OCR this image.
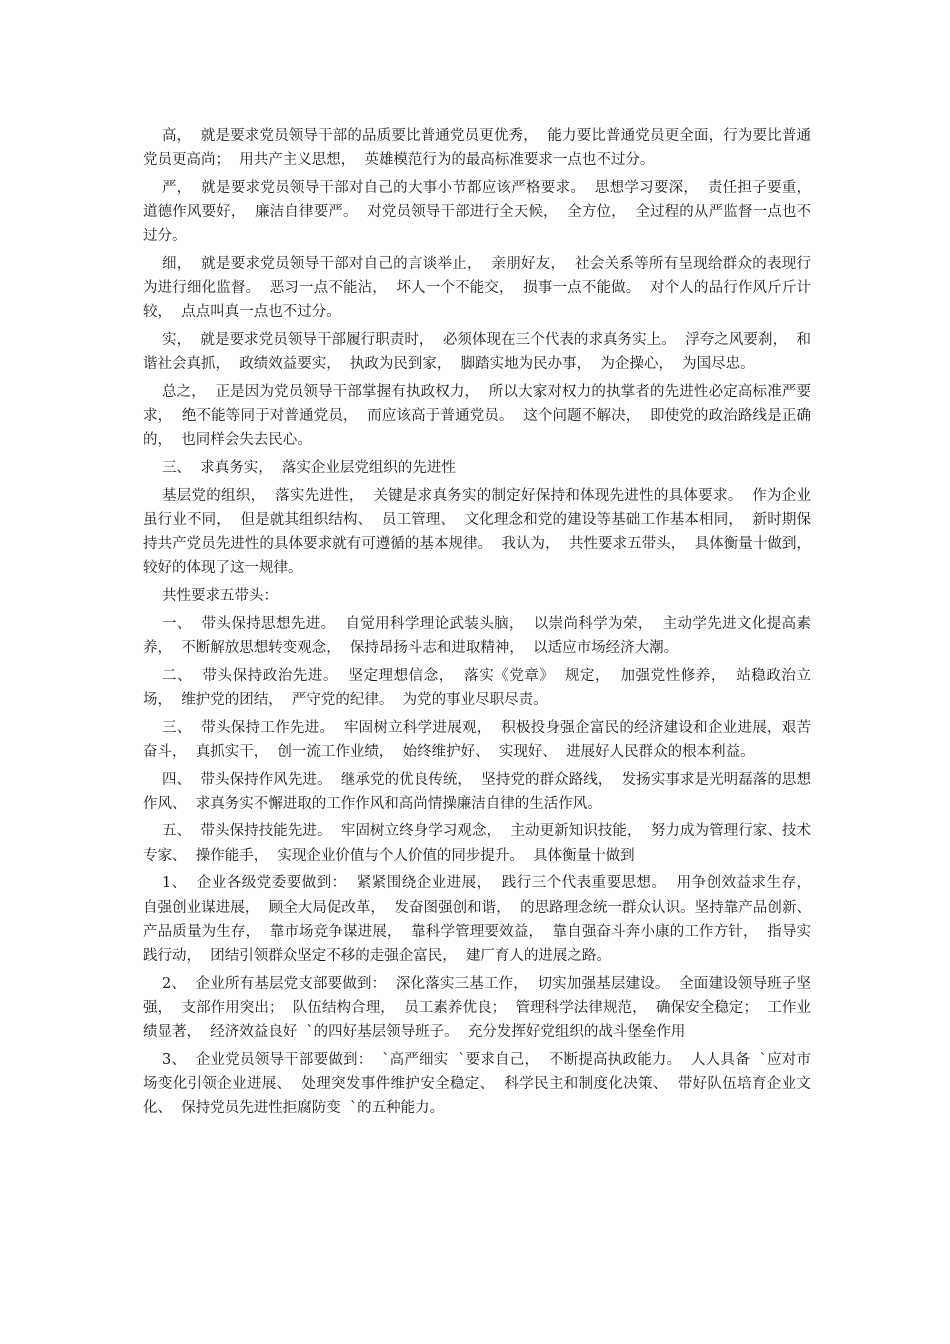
高，  就是要求党员领导干部的品质要比普通党员更优秀，  能力要比普通党员更全面，行为要比普通党员更高尚；  用共产主义思想，  英雄模范行为的最高标准要求一点也不过分。

严，  就是要求党员领导干部对自己的大事小节都应该严格要求。  思想学习要深，  责任担子要重，  道德作风要好，  廉洁自律要严。  对党员领导干部进行全天候，  全方位，  全过程的从严监督一点也不过分。

细，  就是要求党员领导干部对自己的言谈举止，  亲朋好友，  社会关系等所有呈现给群众的表现行为进行细化监督。  恶习一点不能沾，  坏人一个不能交，  损事一点不能做。  对个人的品行作风斤斤计较，  点点叫真一点也不过分。

实，  就是要求党员领导干部履行职责时，  必须体现在三个代表的求真务实上。  浮夸之风要刹，  和谐社会真抓，  政绩效益要实，  执政为民到家，  脚踏实地为民办事，  为企操心，  为国尽忠。

总之，  正是因为党员领导干部掌握有执政权力，  所以大家对权力的执掌者的先进性必定高标准严要求，  绝不能等同于对普通党员，  而应该高于普通党员。  这个问题不解决，  即使党的政治路线是正确的，  也同样会失去民心。

三、  求真务实，  落实企业层党组织的先进性

基层党的组织，  落实先进性，  关键是求真务实的制定好保持和体现先进性的具体要求。  作为企业虽行业不同，  但是就其组织结构、  员工管理、  文化理念和党的建设等基础工作基本相同，  新时期保持共产党员先进性的具体要求就有可遵循的基本规律。  我认为，  共性要求五带头，  具体衡量十做到，  较好的体现了这一规律。

共性要求五带头：

一、  带头保持思想先进。  自觉用科学理论武装头脑，  以崇尚科学为荣，  主动学先进文化提高素养，  不断解放思想转变观念，  保持昂扬斗志和进取精神，  以适应市场经济大潮。

二、  带头保持政治先进。  坚定理想信念，  落实《党章》  规定，  加强党性修养，  站稳政治立场，  维护党的团结，  严守党的纪律。  为党的事业尽职尽责。

三、  带头保持工作先进。  牢固树立科学进展观，  积极投身强企富民的经济建设和企业进展，艰苦奋斗，  真抓实干，  创一流工作业绩，  始终维护好、  实现好、  进展好人民群众的根本利益。

四、  带头保持作风先进。  继承党的优良传统，  坚持党的群众路线，  发扬实事求是光明磊落的思想作风、  求真务实不懈进取的工作作风和高尚情操廉洁自律的生活作风。

五、  带头保持技能先进。  牢固树立终身学习观念，  主动更新知识技能，  努力成为管理行家、技术专家、  操作能手，  实现企业价值与个人价值的同步提升。  具体衡量十做到

1、  企业各级党委要做到：  紧紧围绕企业进展，  践行三个代表重要思想。  用争创效益求生存，  自强创业谋进展，  顾全大局促改革，  发奋图强创和谐，  的思路理念统一群众认识。坚持靠产品创新、  产品质量为生存，  靠市场竞争谋进展，  靠科学管理要效益，  靠自强奋斗奔小康的工作方针，  指导实践行动，  团结引领群众坚定不移的走强企富民，  建厂育人的进展之路。

2、  企业所有基层党支部要做到：  深化落实三基工作，  切实加强基层建设。  全面建设领导班子坚强，  支部作用突出；  队伍结构合理，  员工素养优良；  管理科学法律规范，  确保安全稳定；  工作业绩显著，  经济效益良好  `的四好基层领导班子。  充分发挥好党组织的战斗堡垒作用

3、  企业党员领导干部要做到：  `高严细实  `要求自己，  不断提高执政能力。  人人具备  `应对市场变化引领企业进展、  处理突发事件维护安全稳定、  科学民主和制度化决策、  带好队伍培育企业文化、  保持党员先进性拒腐防变  `的五种能力。
